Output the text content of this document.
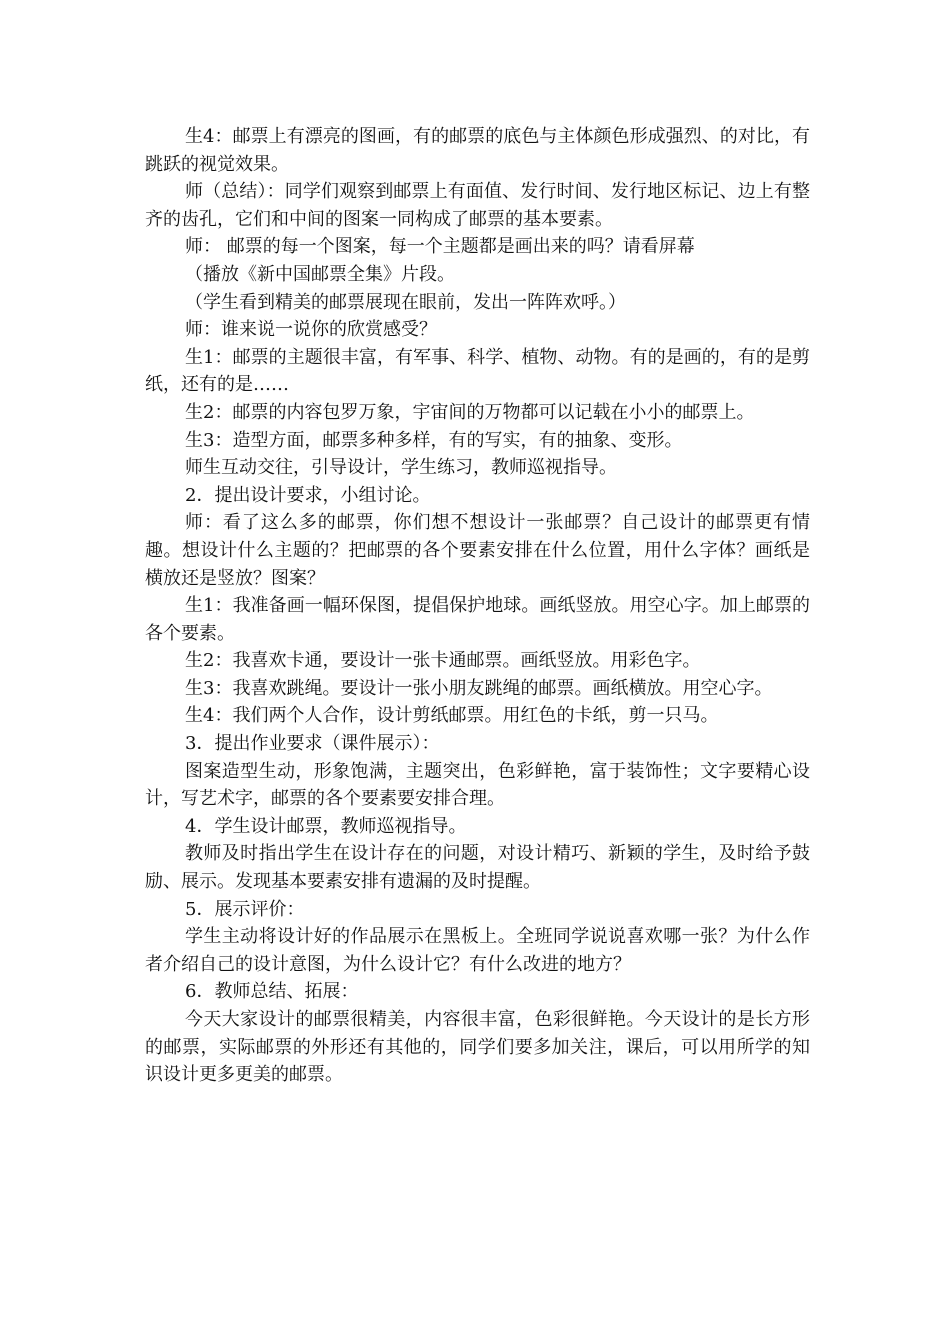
生4：邮票上有漂亮的图画，有的邮票的底色与主体颜色形成强烈、的对比，有跳跃的视觉效果。

师（总结）：同学们观察到邮票上有面值、发行时间、发行地区标记、边上有整齐的齿孔，它们和中间的图案一同构成了邮票的基本要素。

师： 邮票的每一个图案，每一个主题都是画出来的吗？请看屏幕

（播放《新中国邮票全集》片段。

（学生看到精美的邮票展现在眼前，发出一阵阵欢呼。）

师：谁来说一说你的欣赏感受？

生1：邮票的主题很丰富，有军事、科学、植物、动物。有的是画的，有的是剪纸，还有的是……

生2：邮票的内容包罗万象，宇宙间的万物都可以记载在小小的邮票上。

生3：造型方面，邮票多种多样，有的写实，有的抽象、变形。

师生互动交往，引导设计，学生练习，教师巡视指导。

2．提出设计要求，小组讨论。

师：看了这么多的邮票，你们想不想设计一张邮票？自己设计的邮票更有情趣。想设计什么主题的？把邮票的各个要素安排在什么位置，用什么字体？画纸是横放还是竖放？图案？

生1：我准备画一幅环保图，提倡保护地球。画纸竖放。用空心字。加上邮票的各个要素。

生2：我喜欢卡通，要设计一张卡通邮票。画纸竖放。用彩色字。

生3：我喜欢跳绳。要设计一张小朋友跳绳的邮票。画纸横放。用空心字。

生4：我们两个人合作，设计剪纸邮票。用红色的卡纸，剪一只马。

3．提出作业要求（课件展示）：

图案造型生动，形象饱满，主题突出，色彩鲜艳，富于装饰性；文字要精心设计，写艺术字，邮票的各个要素要安排合理。

4．学生设计邮票，教师巡视指导。

教师及时指出学生在设计存在的问题，对设计精巧、新颖的学生，及时给予鼓励、展示。发现基本要素安排有遗漏的及时提醒。

5．展示评价：

学生主动将设计好的作品展示在黑板上。全班同学说说喜欢哪一张？为什么作者介绍自己的设计意图，为什么设计它？有什么改进的地方？

6．教师总结、拓展：

今天大家设计的邮票很精美，内容很丰富，色彩很鲜艳。今天设计的是长方形的邮票，实际邮票的外形还有其他的，同学们要多加关注，课后，可以用所学的知识设计更多更美的邮票。
